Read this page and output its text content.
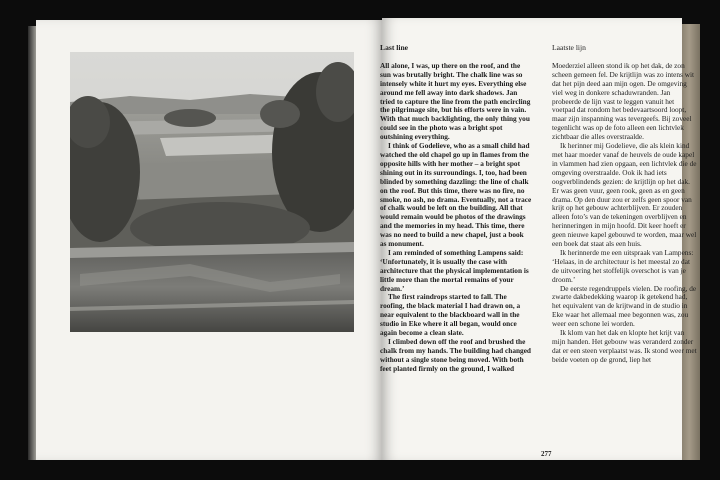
Last line

All alone, I was, up there on the roof, and the sun was brutally bright. The chalk line was so intensely white it hurt my eyes. Everything else around me fell away into dark shadows. Jan tried to capture the line from the path encircling the pilgrimage site, but his efforts were in vain. With that much backlighting, the only thing you could see in the photo was a bright spot outshining everything.

I think of Godelieve, who as a small child had watched the old chapel go up in flames from the opposite hills with her mother – a bright spot shining out in its surroundings. I, too, had been blinded by something dazzling: the line of chalk on the roof. But this time, there was no fire, no smoke, no ash, no drama. Eventually, not a trace of chalk would be left on the building. All that would remain would be photos of the drawings and the memories in my head. This time, there was no need to build a new chapel, just a book as monument.

I am reminded of something Lampens said: ‘Unfortunately, it is usually the case with architecture that the physical implementation is little more than the mortal remains of your dream.’

The first raindrops started to fall. The roofing, the black material I had drawn on, a near equivalent to the blackboard wall in the studio in Eke where it all began, would once again become a clean slate.

I climbed down off the roof and brushed the chalk from my hands. The building had changed without a single stone being moved. With both feet planted firmly on the ground, I walked

Laatste lijn

Moederziel alleen stond ik op het dak, de zon scheen gemeen fel. De krijtlijn was zo intens wit dat het pijn deed aan mijn ogen. De omgeving viel weg in donkere schaduwranden. Jan probeerde de lijn vast te leggen vanuit het voetpad dat rondom het bedevaartsoord loopt, maar zijn inspanning was tevergeefs. Bij zoveel tegenlicht was op de foto alleen een lichtvlek zichtbaar die alles overstraalde.

Ik herinner mij Godelieve, die als klein kind met haar moeder vanaf de heuvels de oude kapel in vlammen had zien opgaan, een lichtvlek die de omgeving overstraalde. Ook ik had iets oogverblindends gezien: de krijtlijn op het dak. Er was geen vuur, geen rook, geen as en geen drama. Op den duur zou er zelfs geen spoor van krijt op het gebouw achterblijven. Er zouden alleen foto’s van de tekeningen overblijven en herinneringen in mijn hoofd. Dit keer hoeft er geen nieuwe kapel gebouwd te worden, maar wel een boek dat staat als een huis.

Ik herinnerde me een uitspraak van Lampens: ‘Helaas, in de architectuur is het meestal zo dat de uitvoering het stoffelijk overschot is van je droom.’

De eerste regendruppels vielen. De roofing, de zwarte dakbedekking waarop ik getekend had, het equivalent van de krijtwand in de studio in Eke waar het allemaal mee begonnen was, zou weer een schone lei worden.

Ik klom van het dak en klopte het krijt van mijn handen. Het gebouw was veranderd zonder dat er een steen verplaatst was. Ik stond weer met beide voeten op de grond, liep het

277
